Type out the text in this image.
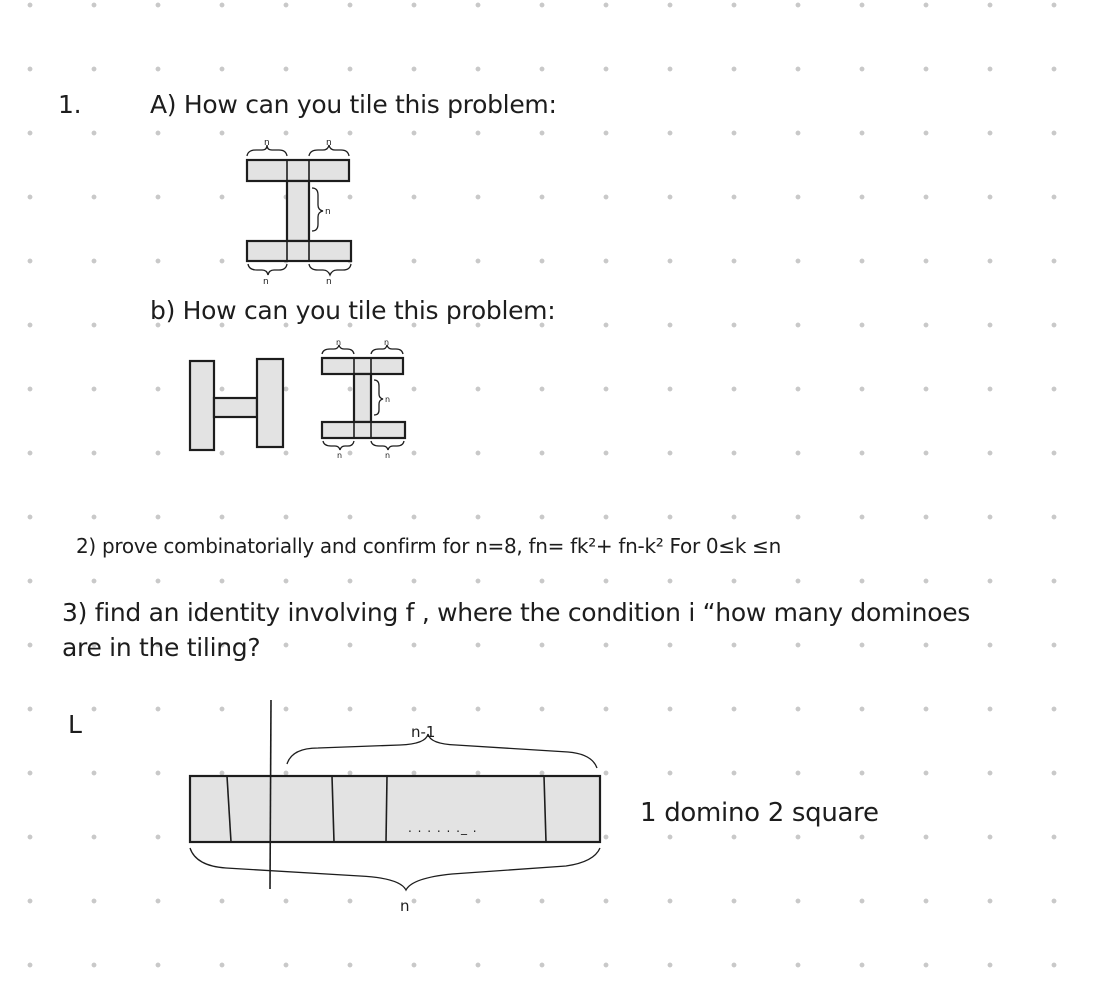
1.	A) How can you tile this problem:
b) How can you tile this problem:
2) prove combinatorially and confirm for n=8, fn= fk²+ fn-k² For 0≤k ≤n
3) find an identity involving f , where the condition i “how many dominoes
are in the tiling?
L
1 domino 2 square
n	n
n
n	n
n	n
n
n	n
. . . . . ._ .
n-1
n
